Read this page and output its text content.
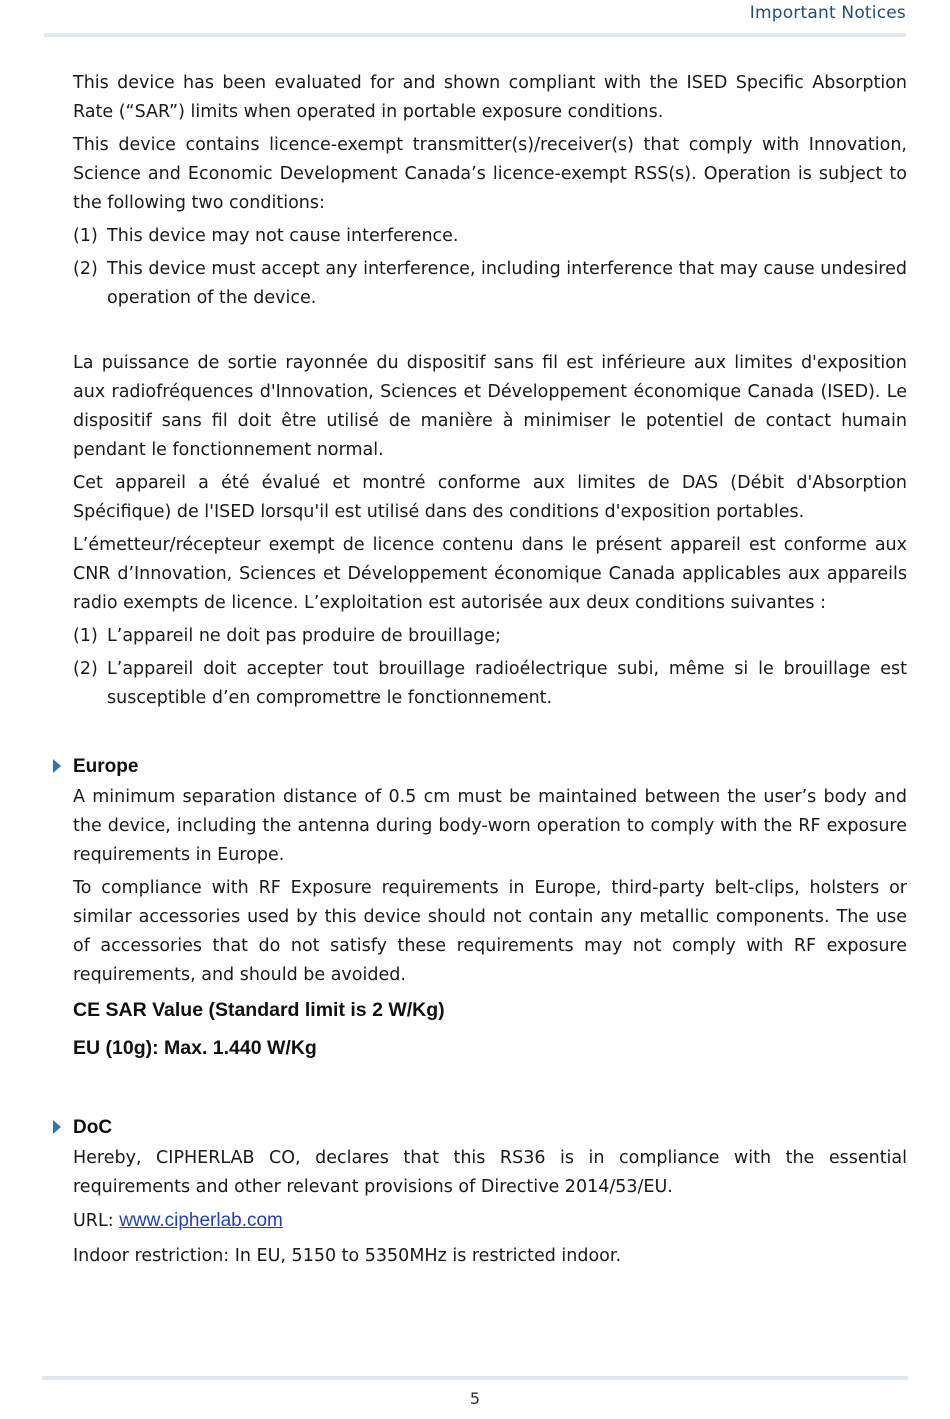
Important Notices

This device has been evaluated for and shown compliant with the ISED Specific Absorption Rate (“SAR”) limits when operated in portable exposure conditions.

This device contains licence-exempt transmitter(s)/receiver(s) that comply with Innovation, Science and Economic Development Canada’s licence-exempt RSS(s). Operation is subject to the following two conditions:

(1) This device may not cause interference.
(2) This device must accept any interference, including interference that may cause undesired operation of the device.

La puissance de sortie rayonnée du dispositif sans fil est inférieure aux limites d'exposition aux radiofréquences d'Innovation, Sciences et Développement économique Canada (ISED). Le dispositif sans fil doit être utilisé de manière à minimiser le potentiel de contact humain pendant le fonctionnement normal.

Cet appareil a été évalué et montré conforme aux limites de DAS (Débit d'Absorption Spécifique) de l'ISED lorsqu'il est utilisé dans des conditions d'exposition portables.

L’émetteur/récepteur exempt de licence contenu dans le présent appareil est conforme aux CNR d’Innovation, Sciences et Développement économique Canada applicables aux appareils radio exempts de licence. L’exploitation est autorisée aux deux conditions suivantes :

(1) L’appareil ne doit pas produire de brouillage;
(2) L’appareil doit accepter tout brouillage radioélectrique subi, même si le brouillage est susceptible d’en compromettre le fonctionnement.
Europe

A minimum separation distance of 0.5 cm must be maintained between the user’s body and the device, including the antenna during body-worn operation to comply with the RF exposure requirements in Europe.

To compliance with RF Exposure requirements in Europe, third-party belt-clips, holsters or similar accessories used by this device should not contain any metallic components. The use of accessories that do not satisfy these requirements may not comply with RF exposure requirements, and should be avoided.

CE SAR Value (Standard limit is 2 W/Kg)
EU (10g): Max. 1.440 W/Kg
DoC

Hereby, CIPHERLAB CO, declares that this RS36 is in compliance with the essential requirements and other relevant provisions of Directive 2014/53/EU.

URL: www.cipherlab.com

Indoor restriction: In EU, 5150 to 5350MHz is restricted indoor.

5
